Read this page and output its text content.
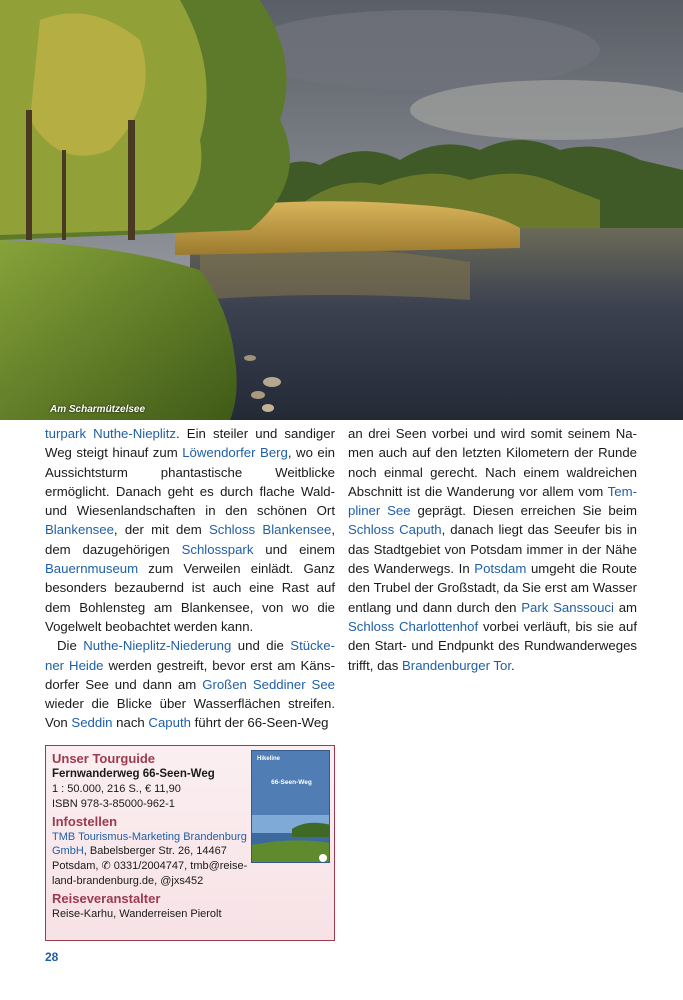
Am Scharmützelsee

turpark Nuthe-Nieplitz. Ein steiler und sandiger Weg steigt hinauf zum Löwendorfer Berg, wo ein Aussichtsturm phantastische Weitblicke ermöglicht. Danach geht es durch flache Wald- und Wiesenlandschaften in den schönen Ort Blankensee, der mit dem Schloss Blankensee, dem dazugehörigen Schlosspark und einem Bauernmuseum zum Verweilen einlädt. Ganz besonders bezaubernd ist auch eine Rast auf dem Bohlensteg am Blankensee, von wo die Vogelwelt beobachtet werden kann.

Die Nuthe-Nieplitz-Niederung und die Stückener Heide werden gestreift, bevor erst am Känsdorfer See und dann am Großen Seddiner See wieder die Blicke über Wasserflächen streifen. Von Seddin nach Caputh führt der 66-Seen-Weg

an drei Seen vorbei und wird somit seinem Namen auch auf den letzten Kilometern der Runde noch einmal gerecht. Nach einem waldreichen Abschnitt ist die Wanderung vor allem vom Templiner See geprägt. Diesen erreichen Sie beim Schloss Caputh, danach liegt das Seeufer bis in das Stadtgebiet von Potsdam immer in der Nähe des Wanderwegs. In Potsdam umgeht die Route den Trubel der Großstadt, da Sie erst am Wasser entlang und dann durch den Park Sanssouci am Schloss Charlottenhof vorbei verläuft, bis sie auf den Start- und Endpunkt des Rundwanderweges trifft, das Brandenburger Tor.

Unser Tourguide
Fernwanderweg 66-Seen-Weg
1 : 50.000, 216 S., € 11,90
ISBN 978-3-85000-962-1
Infostellen
TMB Tourismus-Marketing Brandenburg GmbH, Babelsberger Str. 26, 14467 Potsdam, ✆ 0331/2004747, tmb@reiseland-brandenburg.de, @jxs452
Reiseveranstalter
Reise-Karhu, Wanderreisen Pierolt
Hikeline
66-Seen-Weg
28
